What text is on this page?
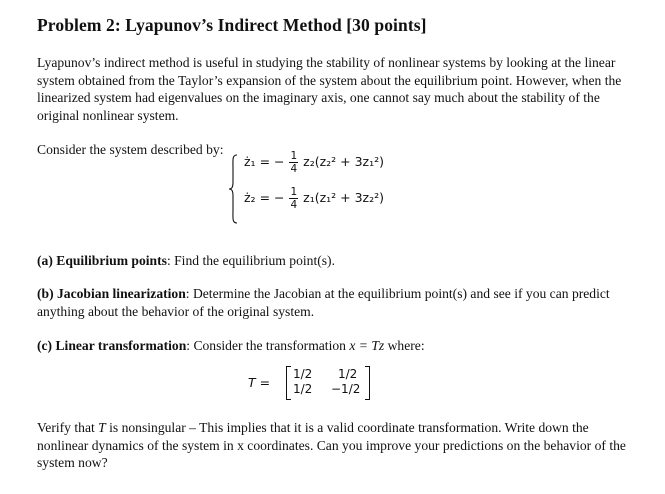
Problem 2: Lyapunov’s Indirect Method [30 points]

Lyapunov’s indirect method is useful in studying the stability of nonlinear systems by looking at the linear system obtained from the Taylor’s expansion of the system about the equilibrium point. However, when the linearized system had eigenvalues on the imaginary axis, one cannot say much about the stability of the original nonlinear system.

Consider the system described by:

ż₁ = − $\frac{1}{4} z_2(z_2^2 + 3z_1^2)$
ż₂ = − $\frac{1}{4} z_1(z_1^2 + 3z_2^2)$

(a) Equilibrium points: Find the equilibrium point(s).

(b) Jacobian linearization: Determine the Jacobian at the equilibrium point(s) and see if you can predict anything about the behavior of the original system.

(c) Linear transformation: Consider the transformation x = Tz where:

Verify that T is nonsingular – This implies that it is a valid coordinate transformation. Write down the nonlinear dynamics of the system in x coordinates. Can you improve your predictions on the behavior of the system now?

T =
1/2 1/2
1/2 −1/2
